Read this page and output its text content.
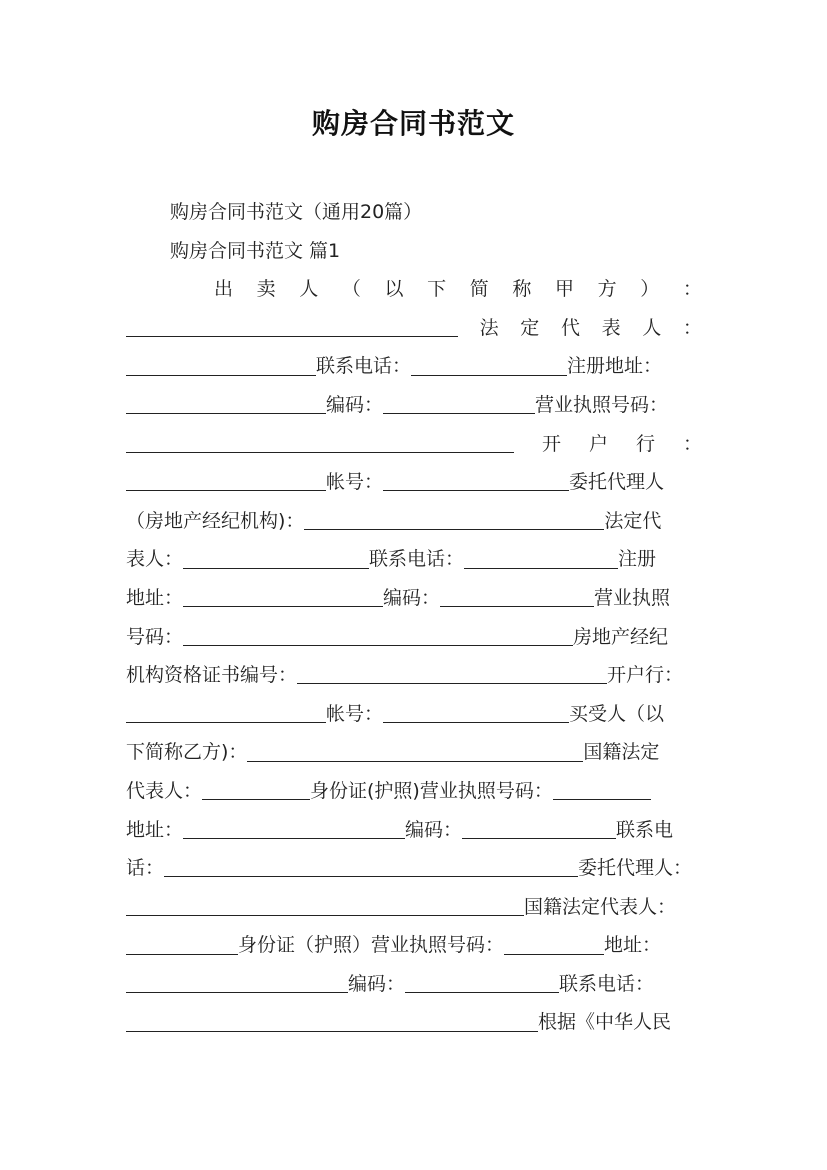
购房合同书范文
购房合同书范文（通用20篇）
购房合同书范文 篇1
出 卖 人 （ 以 下 简 称 甲 方 ） ：
法 定 代 表 人 ：
联系电话：	注册地址：
编码：	营业执照号码：
开 户 行 ：
帐号：	委托代理人
（房地产经纪机构)：	法定代
表人：	联系电话：	注册
地址：	编码：	营业执照
号码：	房地产经纪
机构资格证书编号：	开户行：
帐号：	买受人（以
下简称乙方)：	国籍法定
代表人：	身份证(护照)营业执照号码：
地址：	编码：	联系电
话：	委托代理人：
国籍法定代表人：
身份证（护照）营业执照号码：	地址：
编码：	联系电话：
根据《中华人民
